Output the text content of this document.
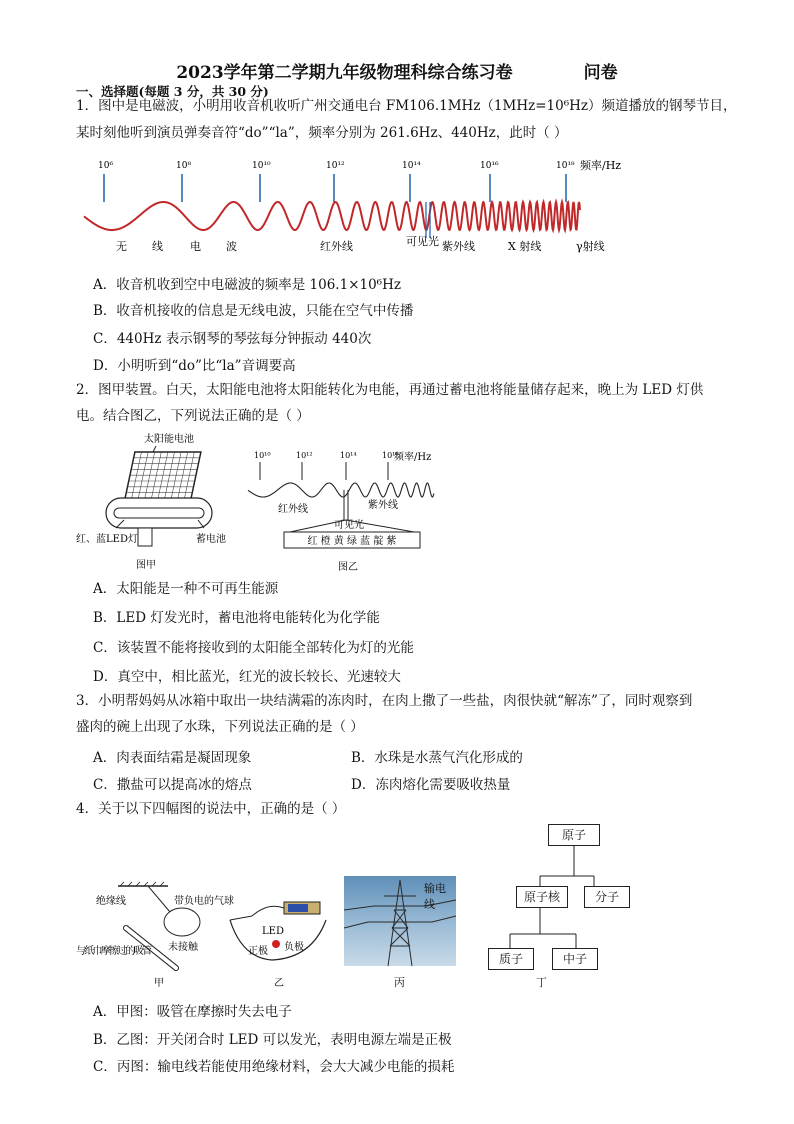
2023学年第二学期九年级物理科综合练习卷            问卷
一、选择题(每题 3 分，共 30 分)
1．图中是电磁波，小明用收音机收听广州交通电台 FM106.1MHz（1MHz=10⁶Hz）频道播放的钢琴节目，
某时刻他听到演员弹奏音符“do”“la”，频率分别为 261.6Hz、440Hz，此时（ ）
10⁶	10⁸	10¹⁰	10¹²	10¹⁴	10¹⁶	10¹⁸ 频率/Hz
无 线 电 波	红外线	可见光 紫外线	X 射线	γ射线
A．收音机收到空中电磁波的频率是 106.1×10⁶Hz
B．收音机接收的信息是无线电波，只能在空气中传播
C．440Hz 表示钢琴的琴弦每分钟振动 440次
D．小明听到“do”比“la”音调要高
2．图甲装置。白天，太阳能电池将太阳能转化为电能，再通过蓄电池将能量储存起来，晚上为 LED 灯供
电。结合图乙，下列说法正确的是（ ）
太阳能电池
红、蓝LED灯	蓄电池
图甲
10¹⁰	10¹²	10¹⁴	10¹⁶
频率/Hz
红外线	紫外线
可见光
红 橙 黄 绿 蓝 靛 紫
图乙
A．太阳能是一种不可再生能源
B．LED 灯发光时，蓄电池将电能转化为化学能
C．该装置不能将接收到的太阳能全部转化为灯的光能
D．真空中，相比蓝光，红光的波长较长、光速较大
3．小明帮妈妈从冰箱中取出一块结满霜的冻肉时，在肉上撒了一些盐，肉很快就“解冻”了，同时观察到
盛肉的碗上出现了水珠，下列说法正确的是（ ）
A．肉表面结霜是凝固现象	B．水珠是水蒸气汽化形成的
C．撒盐可以提高冰的熔点	D．冻肉熔化需要吸收热量
4．关于以下四幅图的说法中，正确的是（ ）
绝缘线	带负电的气球
未接触
与纸巾摩擦过的吸管
甲
LED
正极 负极
乙
输电线
丙
原子
原子核	分子
质子	中子
丁
A．甲图：吸管在摩擦时失去电子
B．乙图：开关闭合时 LED 可以发光，表明电源左端是正极
C．丙图：输电线若能使用绝缘材料，会大大减少电能的损耗
